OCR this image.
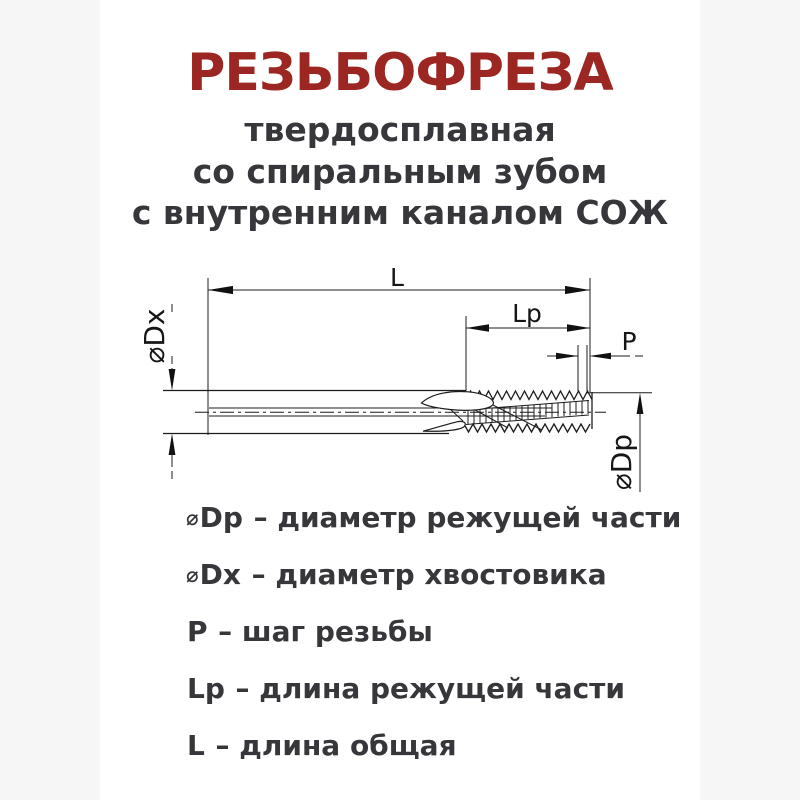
РЕЗЬБОФРЕЗА
твердосплавная
со спиральным зубом
с внутренним каналом СОЖ
L
Lp
P
⌀Dx
⌀Dp
⌀ Dp – диаметр режущей части
⌀ Dx – диаметр хвостовика
P – шаг резьбы
Lp – длина режущей части
L – длина общая
